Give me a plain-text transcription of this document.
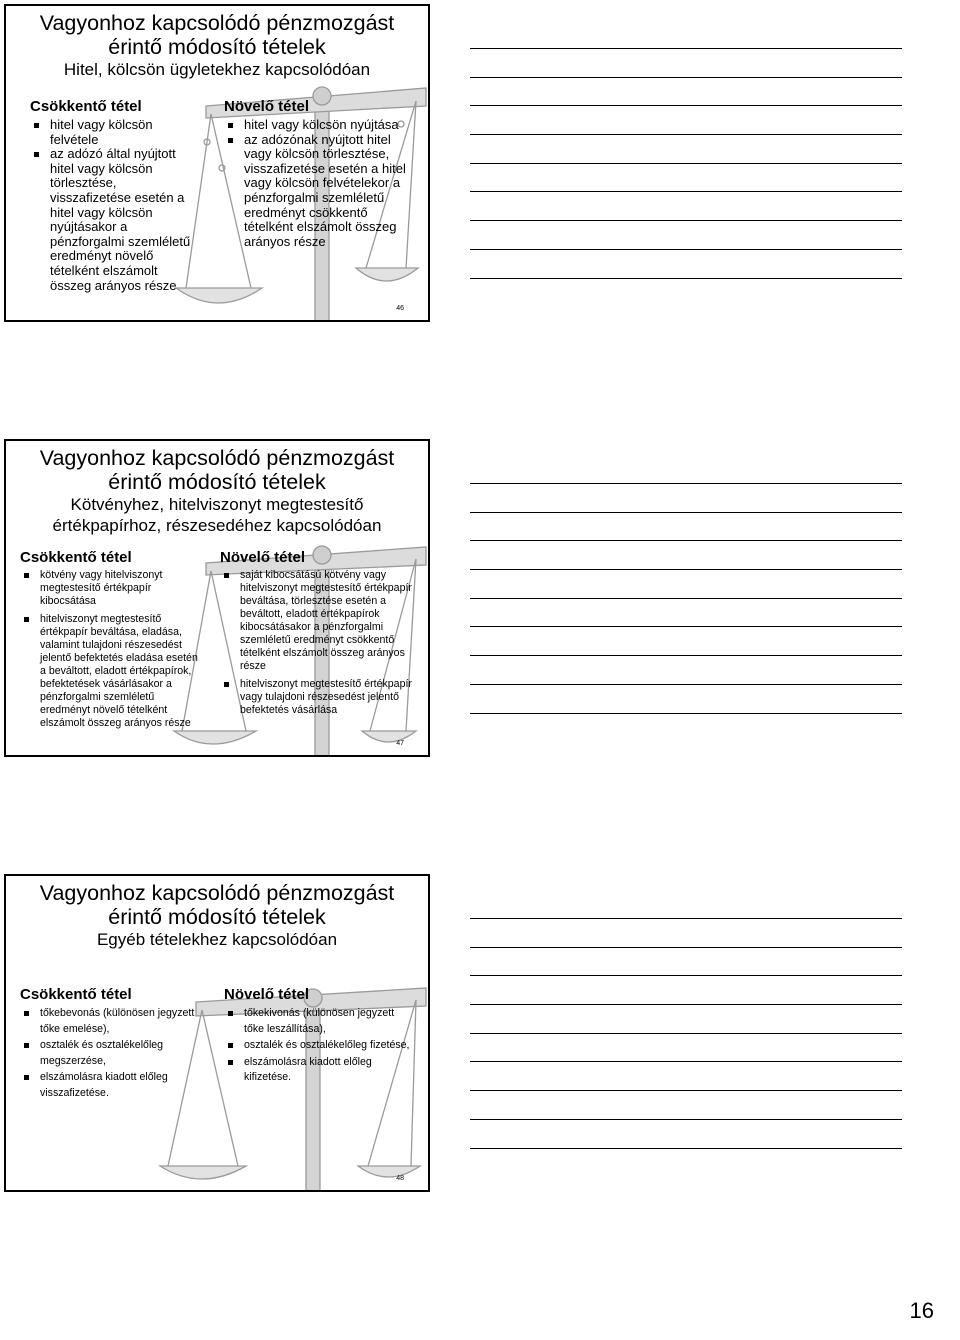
Vagyonhoz kapcsolódó pénzmozgást
érintő módosító tételek
Hitel, kölcsön ügyletekhez kapcsolódóan
Csökkentő tétel
hitel vagy kölcsön felvétele
az adózó által nyújtott hitel vagy kölcsön törlesztése, visszafizetése esetén a hitel vagy kölcsön nyújtásakor a pénzforgalmi szemléletű eredményt növelő tételként elszámolt összeg arányos része
Növelő tétel
hitel vagy kölcsön nyújtása
az adózónak nyújtott hitel vagy kölcsön törlesztése, visszafizetése esetén a hitel vagy kölcsön felvételekor a pénzforgalmi szemléletű eredményt csökkentő tételként elszámolt összeg arányos része
46
Vagyonhoz kapcsolódó pénzmozgást
érintő módosító tételek
Kötvényhez, hitelviszonyt megtestesítő
értékpapírhoz, részesedéhez kapcsolódóan
Csökkentő tétel
kötvény vagy hitelviszonyt megtestesítő értékpapír kibocsátása
hitelviszonyt megtestesítő értékpapír beváltása, eladása, valamint tulajdoni részesedést jelentő befektetés eladása esetén a beváltott, eladott értékpapírok, befektetések vásárlásakor a pénzforgalmi szemléletű eredményt növelő tételként elszámolt összeg arányos része
Növelő tétel
saját kibocsátású kötvény vagy hitelviszonyt megtestesítő értékpapír beváltása, törlesztése esetén a beváltott, eladott értékpapírok kibocsátásakor a pénzforgalmi szemléletű eredményt csökkentő tételként elszámolt összeg arányos része
hitelviszonyt megtestesítő értékpapír vagy tulajdoni részesedést jelentő befektetés vásárlása
47
Vagyonhoz kapcsolódó pénzmozgást
érintő módosító tételek
Egyéb tételekhez kapcsolódóan
Csökkentő tétel
tőkebevonás (különösen jegyzett tőke emelése),
osztalék és osztalékelőleg megszerzése,
elszámolásra kiadott előleg visszafizetése.
Növelő tétel
tőkekivonás (különösen jegyzett tőke leszállítása),
osztalék és osztalékelőleg fizetése,
elszámolásra kiadott előleg kifizetése.
48
16
